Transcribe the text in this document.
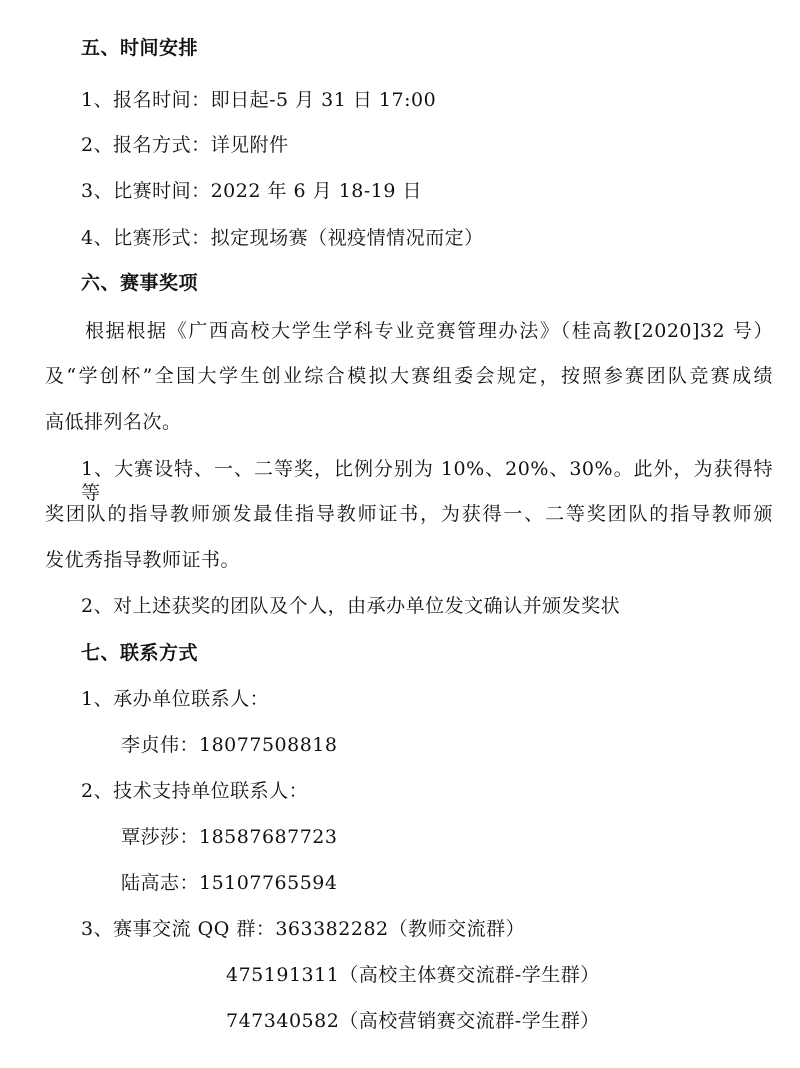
五、时间安排
1、报名时间：即日起-5 月 31 日 17:00
2、报名方式：详见附件
3、比赛时间：2022 年 6 月 18-19 日
4、比赛形式：拟定现场赛（视疫情情况而定）
六、赛事奖项
根据根据《广西高校大学生学科专业竞赛管理办法》（桂高教[2020]32 号）
及“学创杯”全国大学生创业综合模拟大赛组委会规定，按照参赛团队竞赛成绩
高低排列名次。
1、大赛设特、一、二等奖，比例分别为 10%、20%、30%。此外，为获得特等
奖团队的指导教师颁发最佳指导教师证书，为获得一、二等奖团队的指导教师颁
发优秀指导教师证书。
2、对上述获奖的团队及个人，由承办单位发文确认并颁发奖状
七、联系方式
1、承办单位联系人：
李贞伟：18077508818
2、技术支持单位联系人：
覃莎莎：18587687723
陆高志：15107765594
3、赛事交流 QQ 群：363382282（教师交流群）
475191311（高校主体赛交流群-学生群）
747340582（高校营销赛交流群-学生群）
